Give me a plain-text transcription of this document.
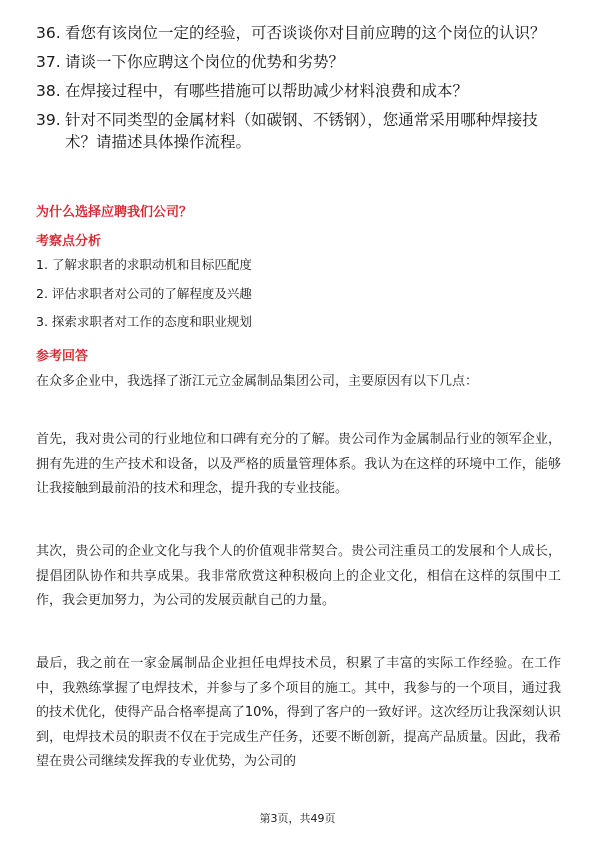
36. 看您有该岗位一定的经验，可否谈谈你对目前应聘的这个岗位的认识？
37. 请谈一下你应聘这个岗位的优势和劣势？
38. 在焊接过程中，有哪些措施可以帮助减少材料浪费和成本？
39. 针对不同类型的金属材料（如碳钢、不锈钢），您通常采用哪种焊接技术？请描述具体操作流程。
为什么选择应聘我们公司？
考察点分析
1. 了解求职者的求职动机和目标匹配度
2. 评估求职者对公司的了解程度及兴趣
3. 探索求职者对工作的态度和职业规划
参考回答
在众多企业中，我选择了浙江元立金属制品集团公司，主要原因有以下几点：
首先，我对贵公司的行业地位和口碑有充分的了解。贵公司作为金属制品行业的领军企业，拥有先进的生产技术和设备，以及严格的质量管理体系。我认为在这样的环境中工作，能够让我接触到最前沿的技术和理念，提升我的专业技能。
其次，贵公司的企业文化与我个人的价值观非常契合。贵公司注重员工的发展和个人成长，提倡团队协作和共享成果。我非常欣赏这种积极向上的企业文化，相信在这样的氛围中工作，我会更加努力，为公司的发展贡献自己的力量。
最后，我之前在一家金属制品企业担任电焊技术员，积累了丰富的实际工作经验。在工作中，我熟练掌握了电焊技术，并参与了多个项目的施工。其中，我参与的一个项目，通过我的技术优化，使得产品合格率提高了10%，得到了客户的一致好评。这次经历让我深刻认识到，电焊技术员的职责不仅在于完成生产任务，还要不断创新，提高产品质量。因此，我希望在贵公司继续发挥我的专业优势，为公司的
第3页，共49页
